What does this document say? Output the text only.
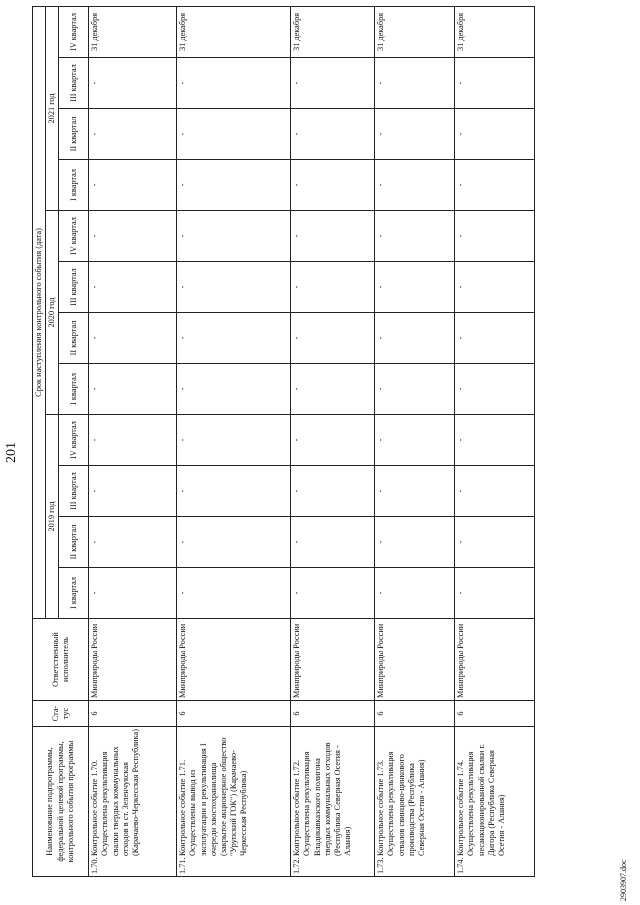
201
Наименование подпрограммы, федеральной целевой программы, контрольного события программы	Ста-тус	Ответственный исполнитель	Срок наступления контрольного события (дата)											
			2019 год				2020 год				2021 год			
			I квартал	II квартал	III квартал	IV квартал	I квартал	II квартал	III квартал	IV квартал	I квартал	II квартал	III квартал	IV квартал
1.70.
Контрольное событие 1.70. Осуществлена рекультивация свалки твердых коммунальных отходов в ст. Зеленчукская (Карачаево-Черкесская Республика)	6	Минприроды России	-	-	-	-	-	-	-	-	-	-	-	31 декабря
1.71.
Контрольное событие 1.71. Осуществлены вывод из эксплуатации и рекультивация I очереди хвостохранилища (закрытое акционерное общество "Урупский ГОК") (Карачаево-Черкесская Республика)	6	Минприроды России	-	-	-	-	-	-	-	-	-	-	-	31 декабря
1.72.
Контрольное событие 1.72. Осуществлена рекультивация Владикавказского полигона твердых коммунальных отходов (Республика Северная Осетия - Алания)	6	Минприроды России	-	-	-	-	-	-	-	-	-	-	-	31 декабря
1.73.
Контрольное событие 1.73. Осуществлена рекультивация отвалов свинцово-цинкового производства (Республика Северная Осетия - Алания)	6	Минприроды России	-	-	-	-	-	-	-	-	-	-	-	31 декабря
1.74.
Контрольное событие 1.74. Осуществлена рекультивация несанкционированной свалки г. Дигора (Республика Северная Осетия - Алания)	6	Минприроды России	-	-	-	-	-	-	-	-	-	-	-	31 декабря
2903907.doc
